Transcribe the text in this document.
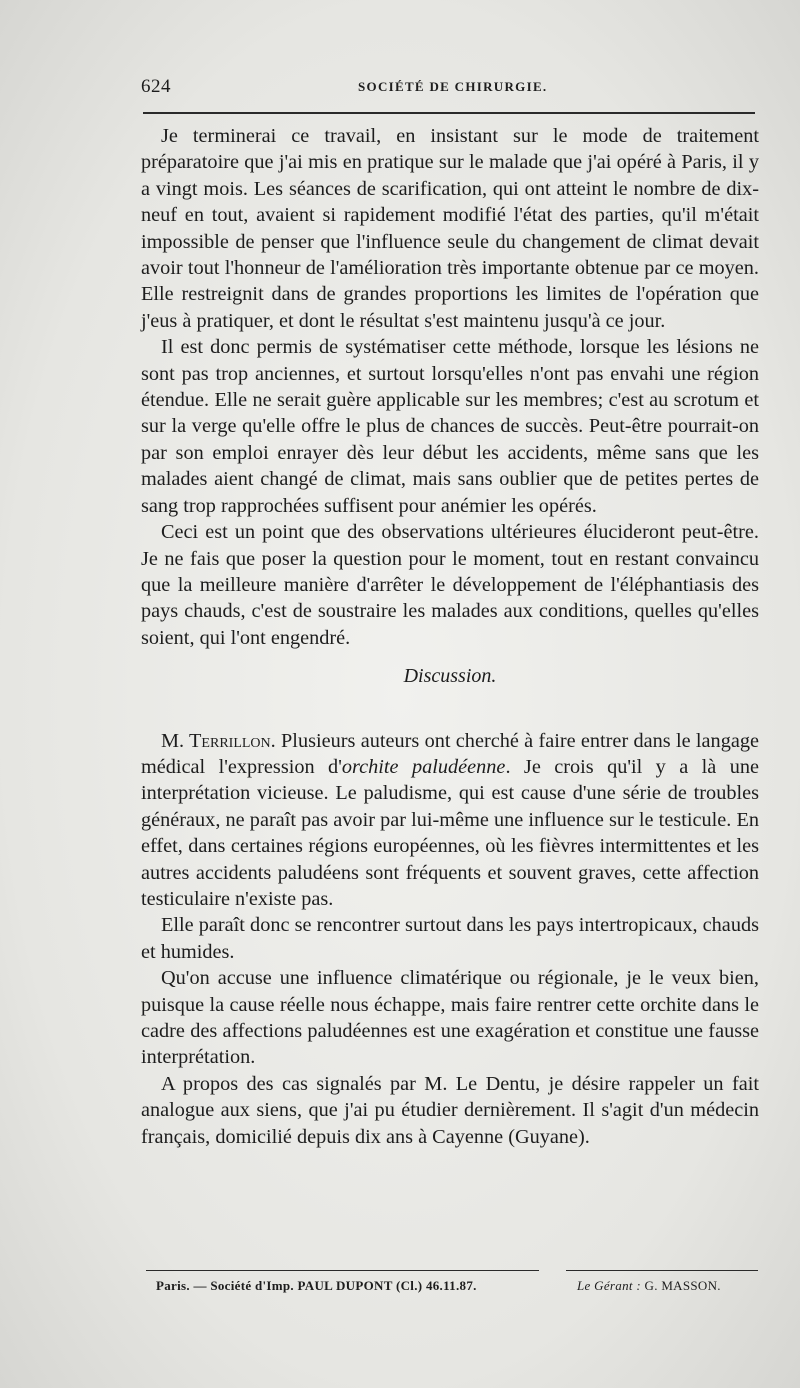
624	SOCIÉTÉ DE CHIRURGIE.

Je terminerai ce travail, en insistant sur le mode de traitement préparatoire que j'ai mis en pratique sur le malade que j'ai opéré à Paris, il y a vingt mois. Les séances de scarification, qui ont atteint le nombre de dix-neuf en tout, avaient si rapidement modifié l'état des parties, qu'il m'était impossible de penser que l'influence seule du changement de climat devait avoir tout l'honneur de l'amélioration très importante obtenue par ce moyen. Elle restreignit dans de grandes proportions les limites de l'opération que j'eus à pratiquer, et dont le résultat s'est maintenu jusqu'à ce jour.

Il est donc permis de systématiser cette méthode, lorsque les lésions ne sont pas trop anciennes, et surtout lorsqu'elles n'ont pas envahi une région étendue. Elle ne serait guère applicable sur les membres; c'est au scrotum et sur la verge qu'elle offre le plus de chances de succès. Peut-être pourrait-on par son emploi enrayer dès leur début les accidents, même sans que les malades aient changé de climat, mais sans oublier que de petites pertes de sang trop rapprochées suffisent pour anémier les opérés.

Ceci est un point que des observations ultérieures élucideront peut-être. Je ne fais que poser la question pour le moment, tout en restant convaincu que la meilleure manière d'arrêter le développement de l'éléphantiasis des pays chauds, c'est de soustraire les malades aux conditions, quelles qu'elles soient, qui l'ont engendré.

Discussion.

M. Terrillon. Plusieurs auteurs ont cherché à faire entrer dans le langage médical l'expression d'orchite paludéenne. Je crois qu'il y a là une interprétation vicieuse. Le paludisme, qui est cause d'une série de troubles généraux, ne paraît pas avoir par lui-même une influence sur le testicule. En effet, dans certaines régions européennes, où les fièvres intermittentes et les autres accidents paludéens sont fréquents et souvent graves, cette affection testiculaire n'existe pas.

Elle paraît donc se rencontrer surtout dans les pays intertropicaux, chauds et humides.

Qu'on accuse une influence climatérique ou régionale, je le veux bien, puisque la cause réelle nous échappe, mais faire rentrer cette orchite dans le cadre des affections paludéennes est une exagération et constitue une fausse interprétation.

A propos des cas signalés par M. Le Dentu, je désire rappeler un fait analogue aux siens, que j'ai pu étudier dernièrement. Il s'agit d'un médecin français, domicilié depuis dix ans à Cayenne (Guyane).

Paris. — Société d'Imp. PAUL DUPONT (Cl.) 46.11.87.	Le Gérant : G. MASSON.
